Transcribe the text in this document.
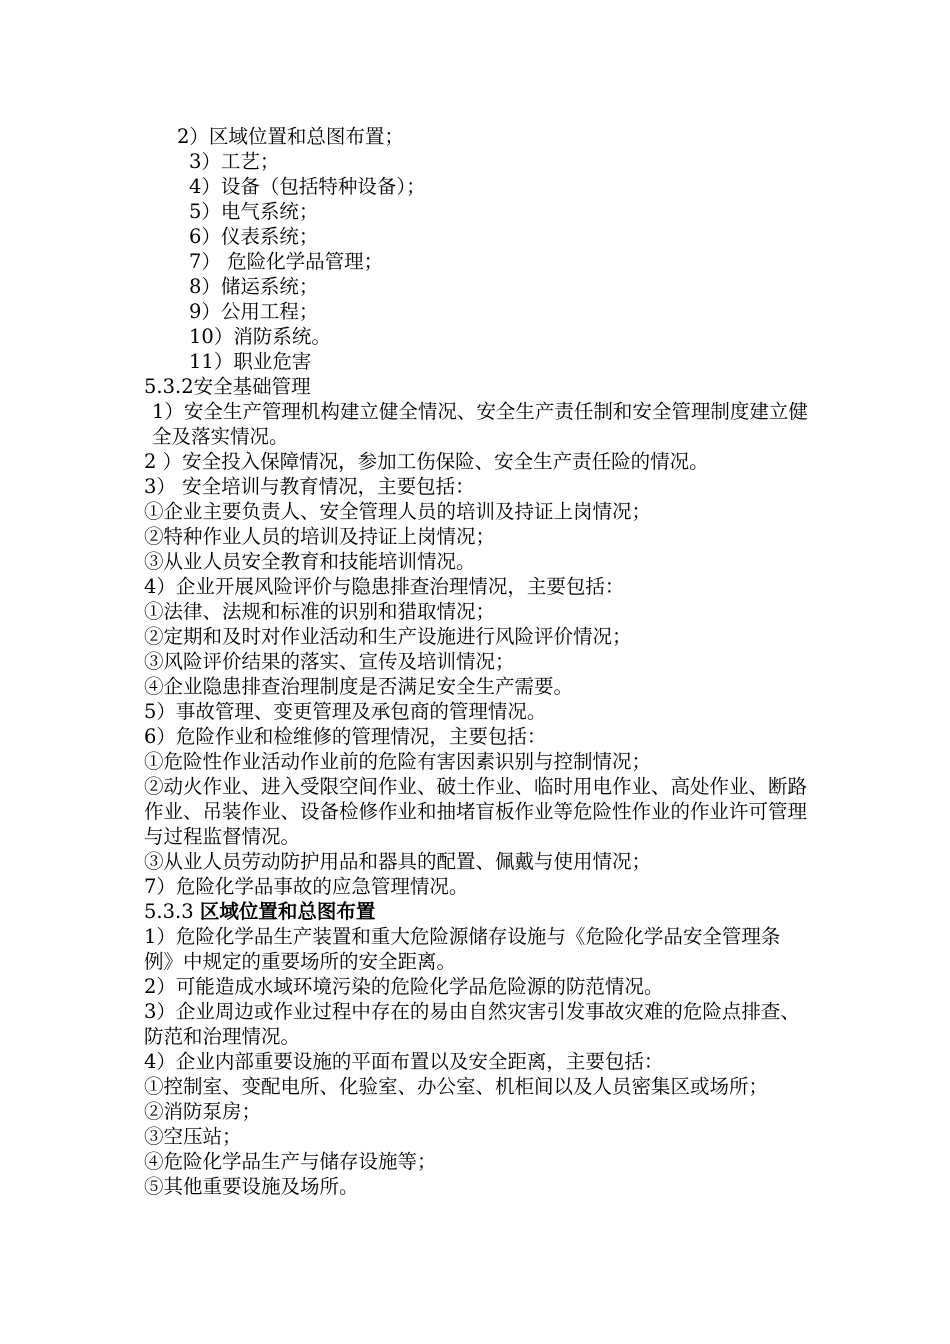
2）区域位置和总图布置；

3）工艺；

4）设备（包括特种设备）；

5）电气系统；

6）仪表系统；

7） 危险化学品管理；

8）储运系统；

9）公用工程；

10）消防系统。

11）职业危害

5.3.2安全基础管理

1）安全生产管理机构建立健全情况、安全生产责任制和安全管理制度建立健全及落实情况。

2 ）安全投入保障情况，参加工伤保险、安全生产责任险的情况。

3） 安全培训与教育情况，主要包括：

①企业主要负责人、安全管理人员的培训及持证上岗情况；

②特种作业人员的培训及持证上岗情况；

③从业人员安全教育和技能培训情况。

4）企业开展风险评价与隐患排查治理情况，主要包括：

①法律、法规和标准的识别和猎取情况；

②定期和及时对作业活动和生产设施进行风险评价情况；

③风险评价结果的落实、宣传及培训情况；

④企业隐患排查治理制度是否满足安全生产需要。

5）事故管理、变更管理及承包商的管理情况。

6）危险作业和检维修的管理情况，主要包括：

①危险性作业活动作业前的危险有害因素识别与控制情况；

②动火作业、进入受限空间作业、破土作业、临时用电作业、高处作业、断路作业、吊装作业、设备检修作业和抽堵盲板作业等危险性作业的作业许可管理与过程监督情况。

③从业人员劳动防护用品和器具的配置、佩戴与使用情况；

7）危险化学品事故的应急管理情况。

5.3.3 区域位置和总图布置

1）危险化学品生产装置和重大危险源储存设施与《危险化学品安全管理条例》中规定的重要场所的安全距离。

2）可能造成水域环境污染的危险化学品危险源的防范情况。

3）企业周边或作业过程中存在的易由自然灾害引发事故灾难的危险点排查、防范和治理情况。

4）企业内部重要设施的平面布置以及安全距离，主要包括：

①控制室、变配电所、化验室、办公室、机柜间以及人员密集区或场所；

②消防泵房；

③空压站；

④危险化学品生产与储存设施等；

⑤其他重要设施及场所。
